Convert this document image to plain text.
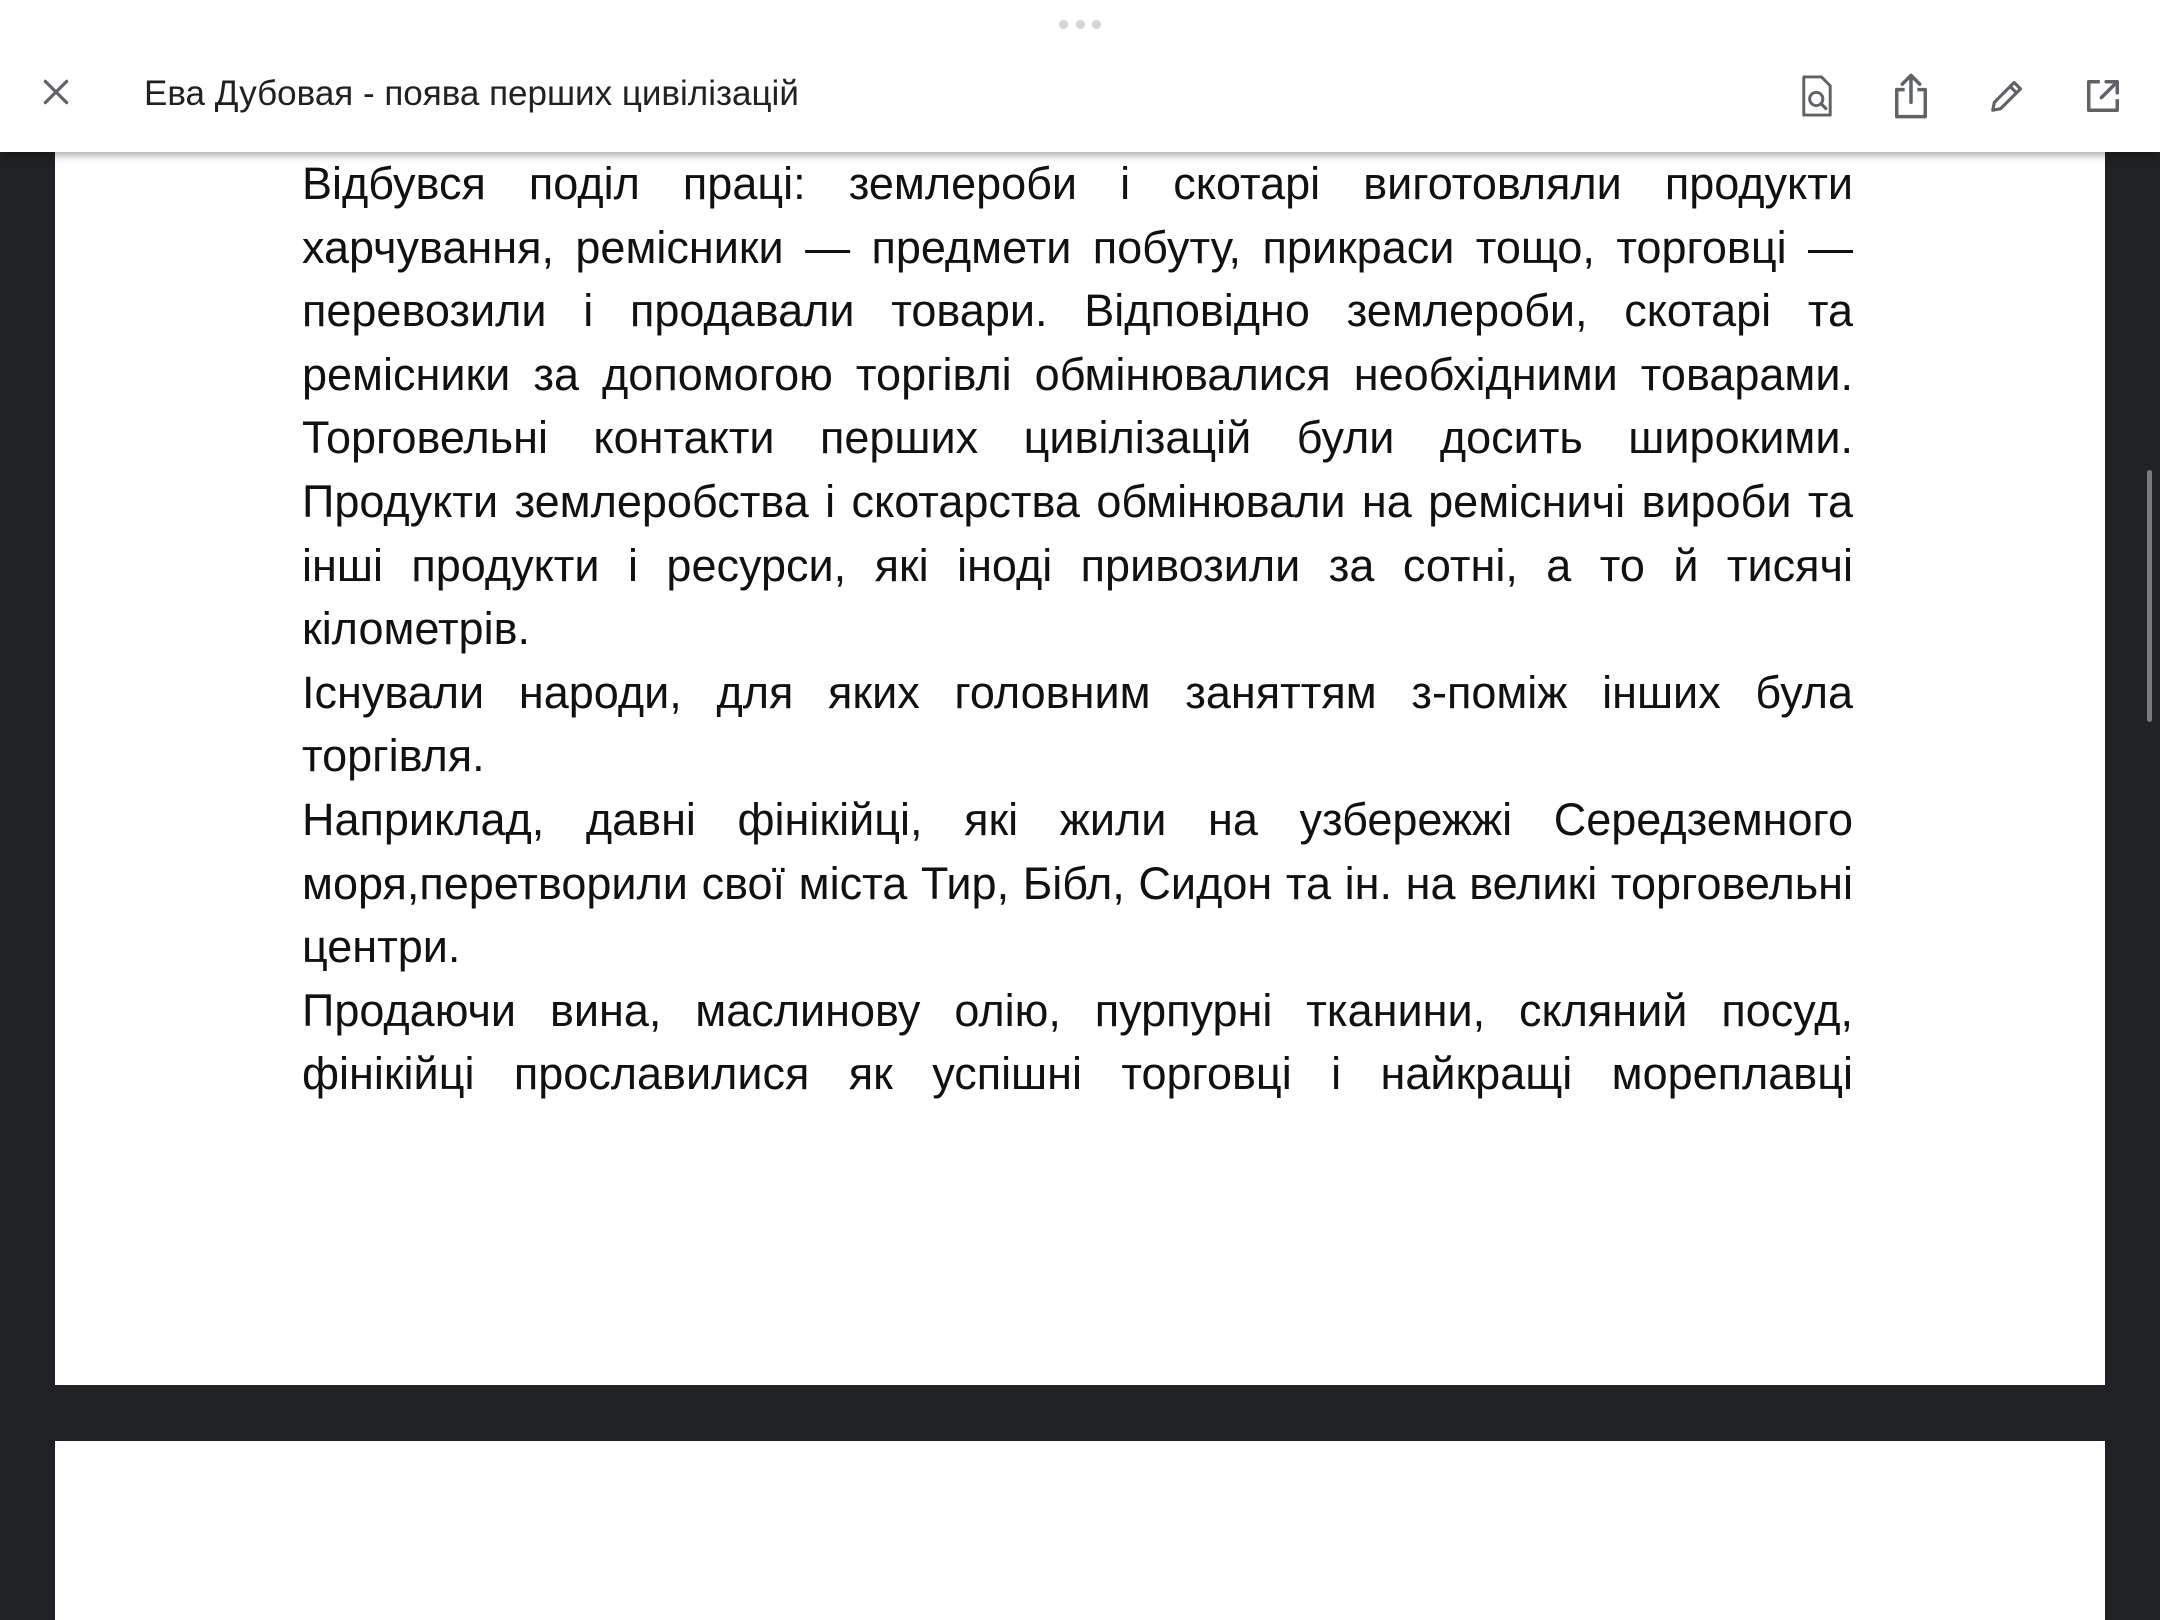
Ева Дубовая - поява перших цивілізацій

Відбувся поділ праці: землероби і скотарі виготовляли продукти харчування, ремісники — предмети побуту, прикраси тощо, торговці — перевозили і продавали товари. Відповідно землероби, скотарі та ремісники за допомогою торгівлі обмінювалися необхідними товарами. Торговельні контакти перших цивілізацій були досить широкими. Продукти землеробства і скотарства обмінювали на ремісничі вироби та інші продукти і ресурси, які іноді привозили за сотні, а то й тисячі кілометрів.

Існували народи, для яких головним заняттям з-поміж інших була торгівля.

Наприклад, давні фінікійці, які жили на узбережжі Середземного моря,перетворили свої міста Тир, Бібл, Сидон та ін. на великі торговельні центри.

Продаючи вина, маслинову олію, пурпурні тканини, скляний посуд, фінікійці прославилися як успішні торговці і найкращі мореплавці
